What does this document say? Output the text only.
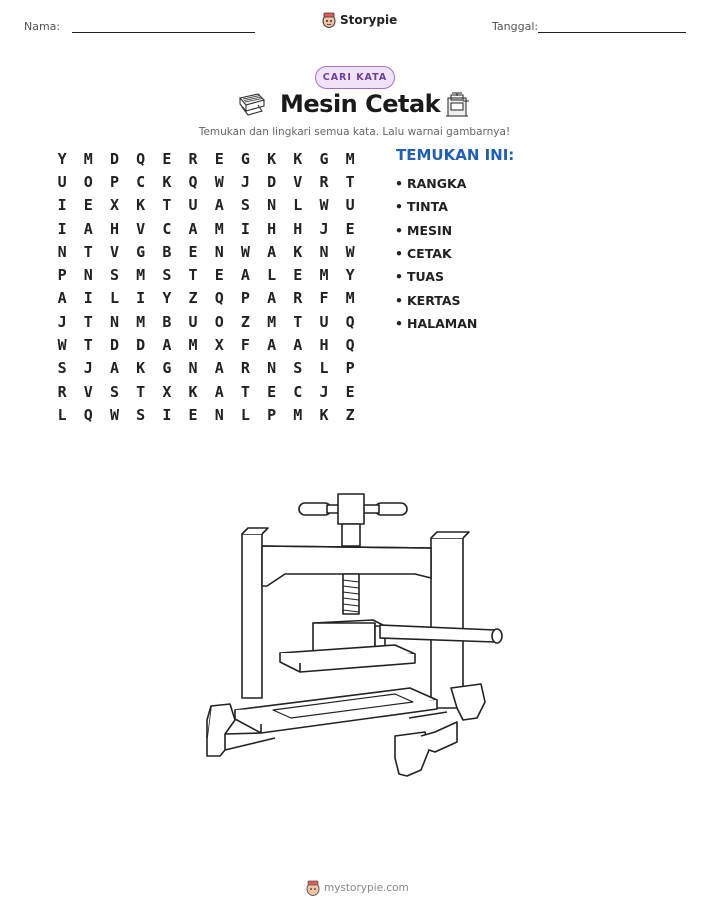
Nama:	Storypie	Tanggal:
CARI KATA
Mesin Cetak
Temukan dan lingkari semua kata. Lalu warnai gambarnya!
Y	M	D	Q	E	R	E	G	K	K	G	M
U	O	P	C	K	Q	W	J	D	V	R	T
I	E	X	K	T	U	A	S	N	L	W	U
I	A	H	V	C	A	M	I	H	H	J	E
N	T	V	G	B	E	N	W	A	K	N	W
P	N	S	M	S	T	E	A	L	E	M	Y
A	I	L	I	Y	Z	Q	P	A	R	F	M
J	T	N	M	B	U	O	Z	M	T	U	Q
W	T	D	D	A	M	X	F	A	A	H	Q
S	J	A	K	G	N	A	R	N	S	L	P
R	V	S	T	X	K	A	T	E	C	J	E
L	Q	W	S	I	E	N	L	P	M	K	Z
TEMUKAN INI:
• RANGKA
• TINTA
• MESIN
• CETAK
• TUAS
• KERTAS
• HALAMAN
mystorypie.com
